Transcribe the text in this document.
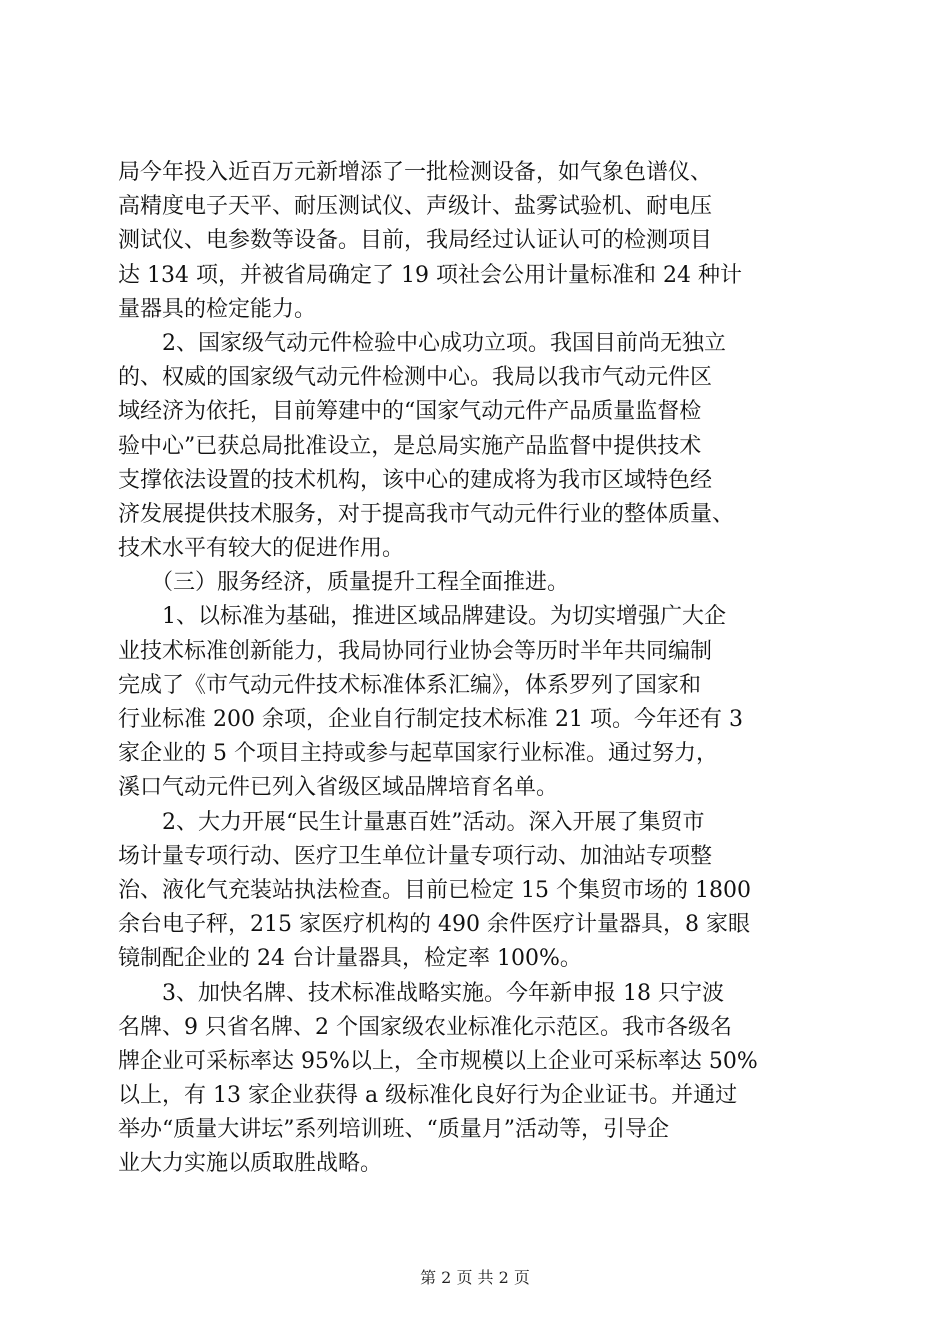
局今年投入近百万元新增添了一批检测设备，如气象色谱仪、
高精度电子天平、耐压测试仪、声级计、盐雾试验机、耐电压
测试仪、电参数等设备。目前，我局经过认证认可的检测项目
达 134 项，并被省局确定了 19 项社会公用计量标准和 24 种计
量器具的检定能力。
　　2、国家级气动元件检验中心成功立项。我国目前尚无独立
的、权威的国家级气动元件检测中心。我局以我市气动元件区
域经济为依托，目前筹建中的“国家气动元件产品质量监督检
验中心”已获总局批准设立，是总局实施产品监督中提供技术
支撑依法设置的技术机构，该中心的建成将为我市区域特色经
济发展提供技术服务，对于提高我市气动元件行业的整体质量、
技术水平有较大的促进作用。
　　（三）服务经济，质量提升工程全面推进。
　　1、以标准为基础，推进区域品牌建设。为切实增强广大企
业技术标准创新能力，我局协同行业协会等历时半年共同编制
完成了《市气动元件技术标准体系汇编》，体系罗列了国家和
行业标准 200 余项，企业自行制定技术标准 21 项。今年还有 3
家企业的 5 个项目主持或参与起草国家行业标准。通过努力，
溪口气动元件已列入省级区域品牌培育名单。
　　2、大力开展“民生计量惠百姓”活动。深入开展了集贸市
场计量专项行动、医疗卫生单位计量专项行动、加油站专项整
治、液化气充装站执法检查。目前已检定 15 个集贸市场的 1800
余台电子秤，215 家医疗机构的 490 余件医疗计量器具，8 家眼
镜制配企业的 24 台计量器具，检定率 100%。
　　3、加快名牌、技术标准战略实施。今年新申报 18 只宁波
名牌、9 只省名牌、2 个国家级农业标准化示范区。我市各级名
牌企业可采标率达 95%以上，全市规模以上企业可采标率达 50%
以上，有 13 家企业获得 a 级标准化良好行为企业证书。并通过
举办“质量大讲坛”系列培训班、“质量月”活动等，引导企
业大力实施以质取胜战略。
第 2 页 共 2 页
